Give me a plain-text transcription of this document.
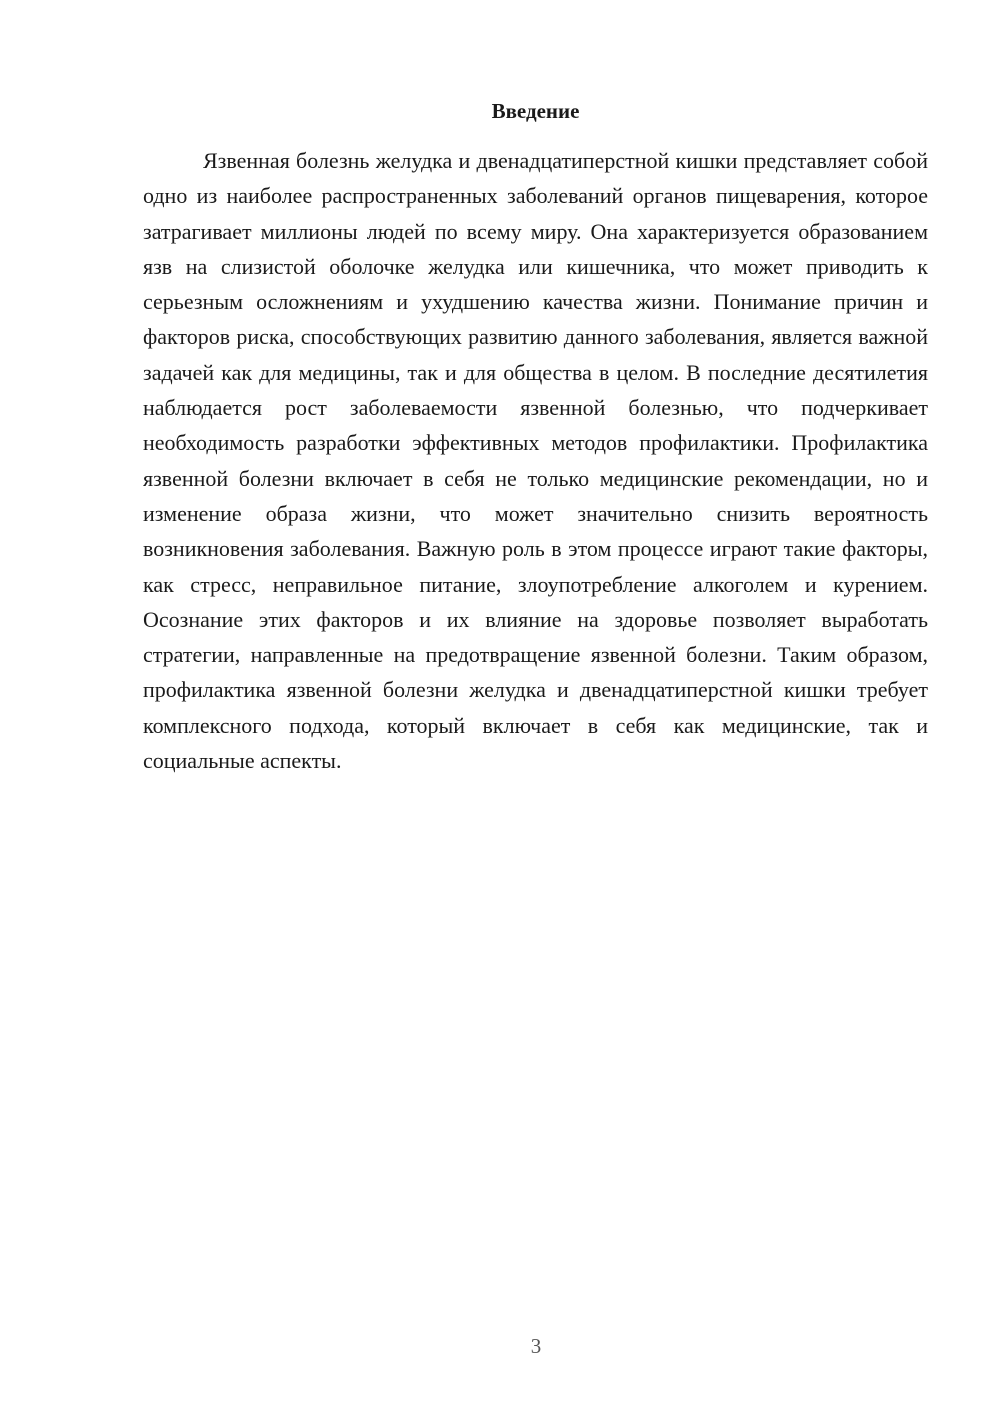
Введение

Язвенная болезнь желудка и двенадцатиперстной кишки представляет собой одно из наиболее распространенных заболеваний органов пищеварения, которое затрагивает миллионы людей по всему миру. Она характеризуется образованием язв на слизистой оболочке желудка или кишечника, что может приводить к серьезным осложнениям и ухудшению качества жизни. Понимание причин и факторов риска, способствующих развитию данного заболевания, является важной задачей как для медицины, так и для общества в целом. В последние десятилетия наблюдается рост заболеваемости язвенной болезнью, что подчеркивает необходимость разработки эффективных методов профилактики. Профилактика язвенной болезни включает в себя не только медицинские рекомендации, но и изменение образа жизни, что может значительно снизить вероятность возникновения заболевания. Важную роль в этом процессе играют такие факторы, как стресс, неправильное питание, злоупотребление алкоголем и курением. Осознание этих факторов и их влияние на здоровье позволяет выработать стратегии, направленные на предотвращение язвенной болезни. Таким образом, профилактика язвенной болезни желудка и двенадцатиперстной кишки требует комплексного подхода, который включает в себя как медицинские, так и социальные аспекты.

3
